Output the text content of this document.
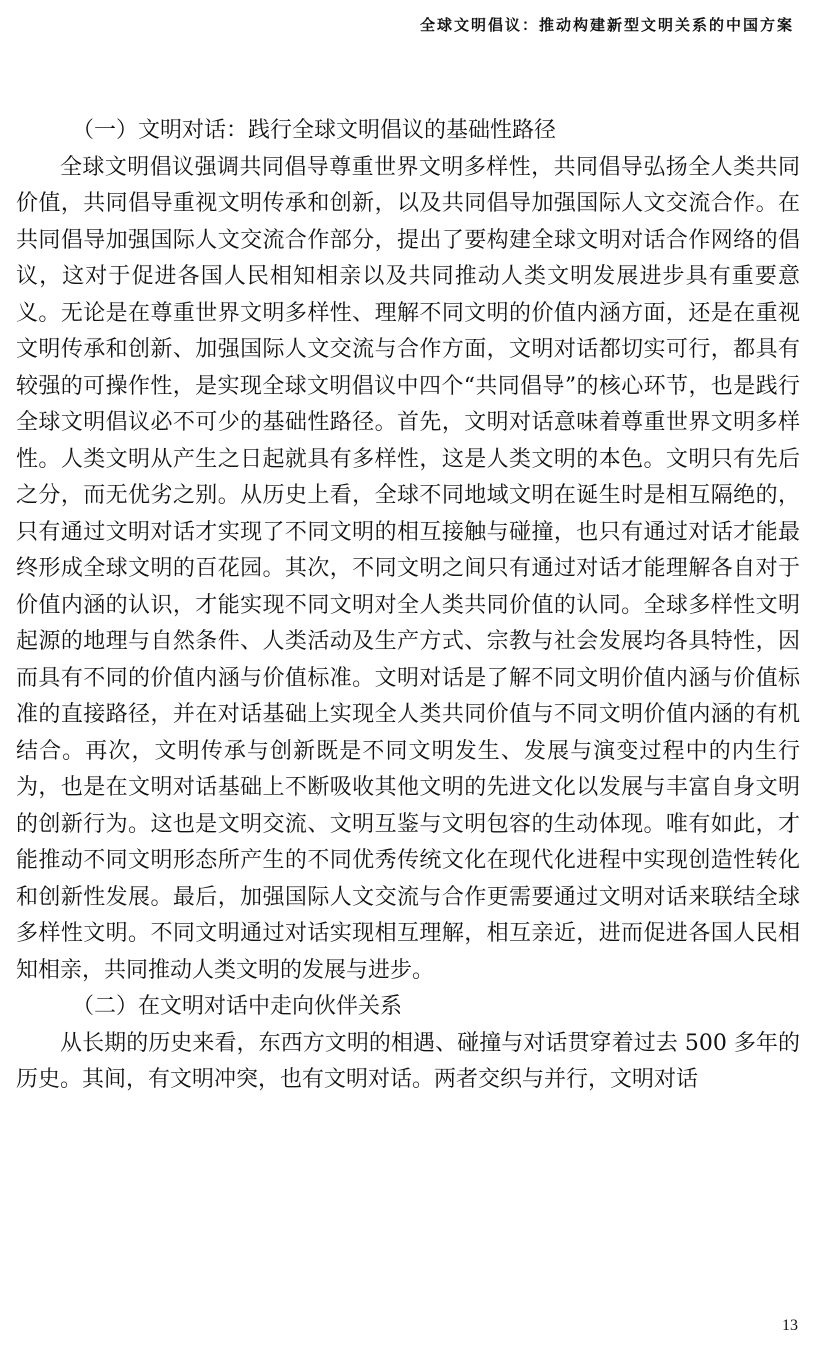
全球文明倡议：推动构建新型文明关系的中国方案

（一）文明对话：践行全球文明倡议的基础性路径

全球文明倡议强调共同倡导尊重世界文明多样性，共同倡导弘扬全人类共同价值，共同倡导重视文明传承和创新，以及共同倡导加强国际人文交流合作。在共同倡导加强国际人文交流合作部分，提出了要构建全球文明对话合作网络的倡议，这对于促进各国人民相知相亲以及共同推动人类文明发展进步具有重要意义。无论是在尊重世界文明多样性、理解不同文明的价值内涵方面，还是在重视文明传承和创新、加强国际人文交流与合作方面，文明对话都切实可行，都具有较强的可操作性，是实现全球文明倡议中四个“共同倡导”的核心环节，也是践行全球文明倡议必不可少的基础性路径。首先，文明对话意味着尊重世界文明多样性。人类文明从产生之日起就具有多样性，这是人类文明的本色。文明只有先后之分，而无优劣之别。从历史上看，全球不同地域文明在诞生时是相互隔绝的，只有通过文明对话才实现了不同文明的相互接触与碰撞，也只有通过对话才能最终形成全球文明的百花园。其次，不同文明之间只有通过对话才能理解各自对于价值内涵的认识，才能实现不同文明对全人类共同价值的认同。全球多样性文明起源的地理与自然条件、人类活动及生产方式、宗教与社会发展均各具特性，因而具有不同的价值内涵与价值标准。文明对话是了解不同文明价值内涵与价值标准的直接路径，并在对话基础上实现全人类共同价值与不同文明价值内涵的有机结合。再次，文明传承与创新既是不同文明发生、发展与演变过程中的内生行为，也是在文明对话基础上不断吸收其他文明的先进文化以发展与丰富自身文明的创新行为。这也是文明交流、文明互鉴与文明包容的生动体现。唯有如此，才能推动不同文明形态所产生的不同优秀传统文化在现代化进程中实现创造性转化和创新性发展。最后，加强国际人文交流与合作更需要通过文明对话来联结全球多样性文明。不同文明通过对话实现相互理解，相互亲近，进而促进各国人民相知相亲，共同推动人类文明的发展与进步。

（二）在文明对话中走向伙伴关系

从长期的历史来看，东西方文明的相遇、碰撞与对话贯穿着过去 500 多年的历史。其间，有文明冲突，也有文明对话。两者交织与并行，文明对话

13
